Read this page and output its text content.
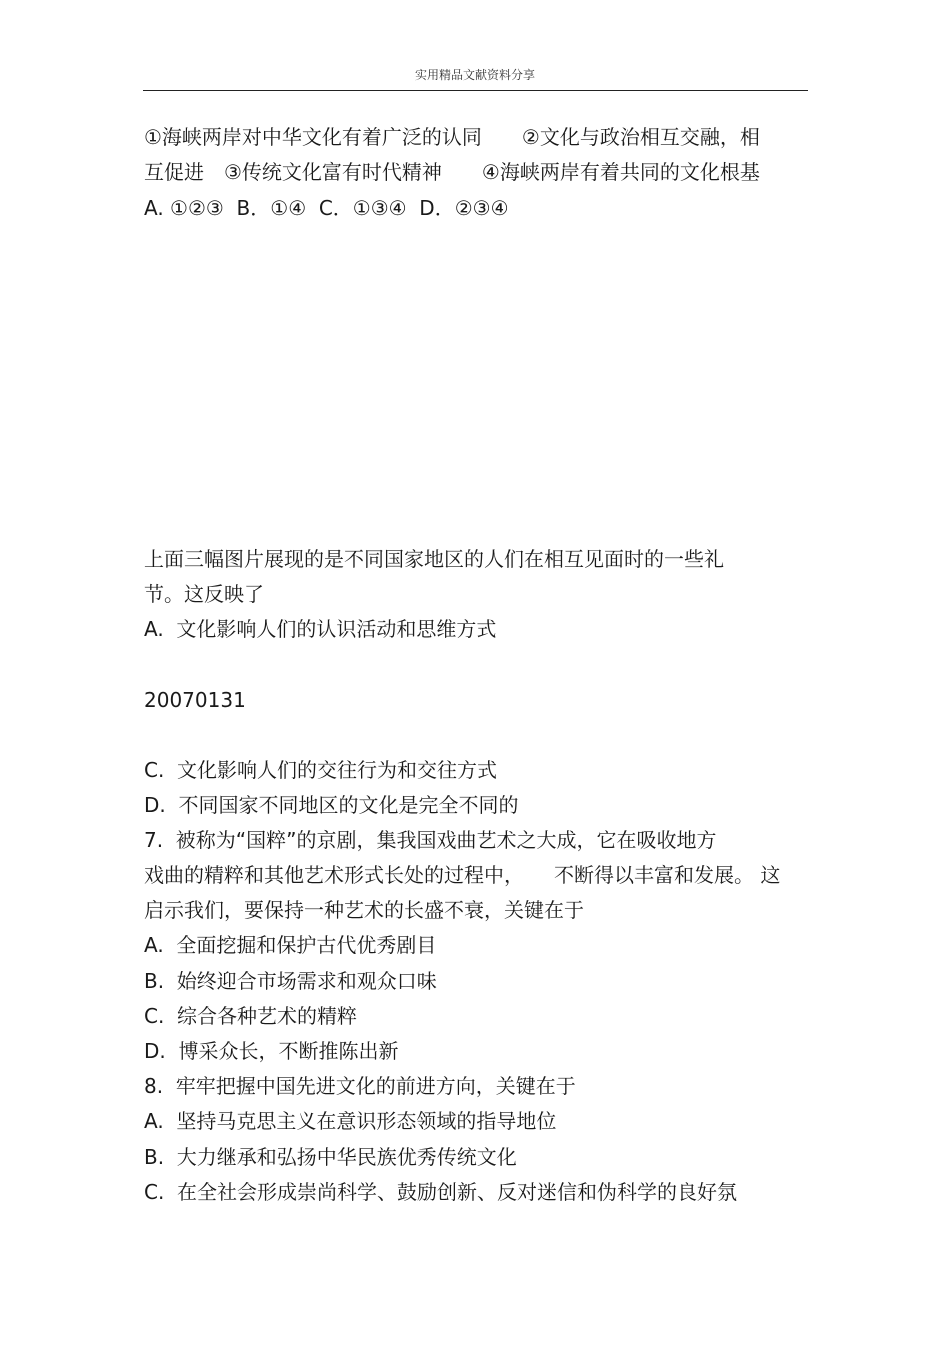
实用精品文献资料分享
①海峡两岸对中华文化有着广泛的认同　　②文化与政治相互交融，相
互促进　③传统文化富有时代精神　　④海峡两岸有着共同的文化根基
A. ①②③  B．①④  C．①③④  D．②③④
上面三幅图片展现的是不同国家地区的人们在相互见面时的一些礼
节。这反映了
A.  文化影响人们的认识活动和思维方式
20070131
C.  文化影响人们的交往行为和交往方式
D.  不同国家不同地区的文化是完全不同的
7.  被称为“国粹”的京剧，集我国戏曲艺术之大成，它在吸收地方
戏曲的精粹和其他艺术形式长处的过程中，　　不断得以丰富和发展。 这
启示我们，要保持一种艺术的长盛不衰，关键在于
A.  全面挖掘和保护古代优秀剧目
B.  始终迎合市场需求和观众口味
C.  综合各种艺术的精粹
D.  博采众长，不断推陈出新
8.  牢牢把握中国先进文化的前进方向，关键在于
A.  坚持马克思主义在意识形态领域的指导地位
B.  大力继承和弘扬中华民族优秀传统文化
C.  在全社会形成崇尚科学、鼓励创新、反对迷信和伪科学的良好氛
